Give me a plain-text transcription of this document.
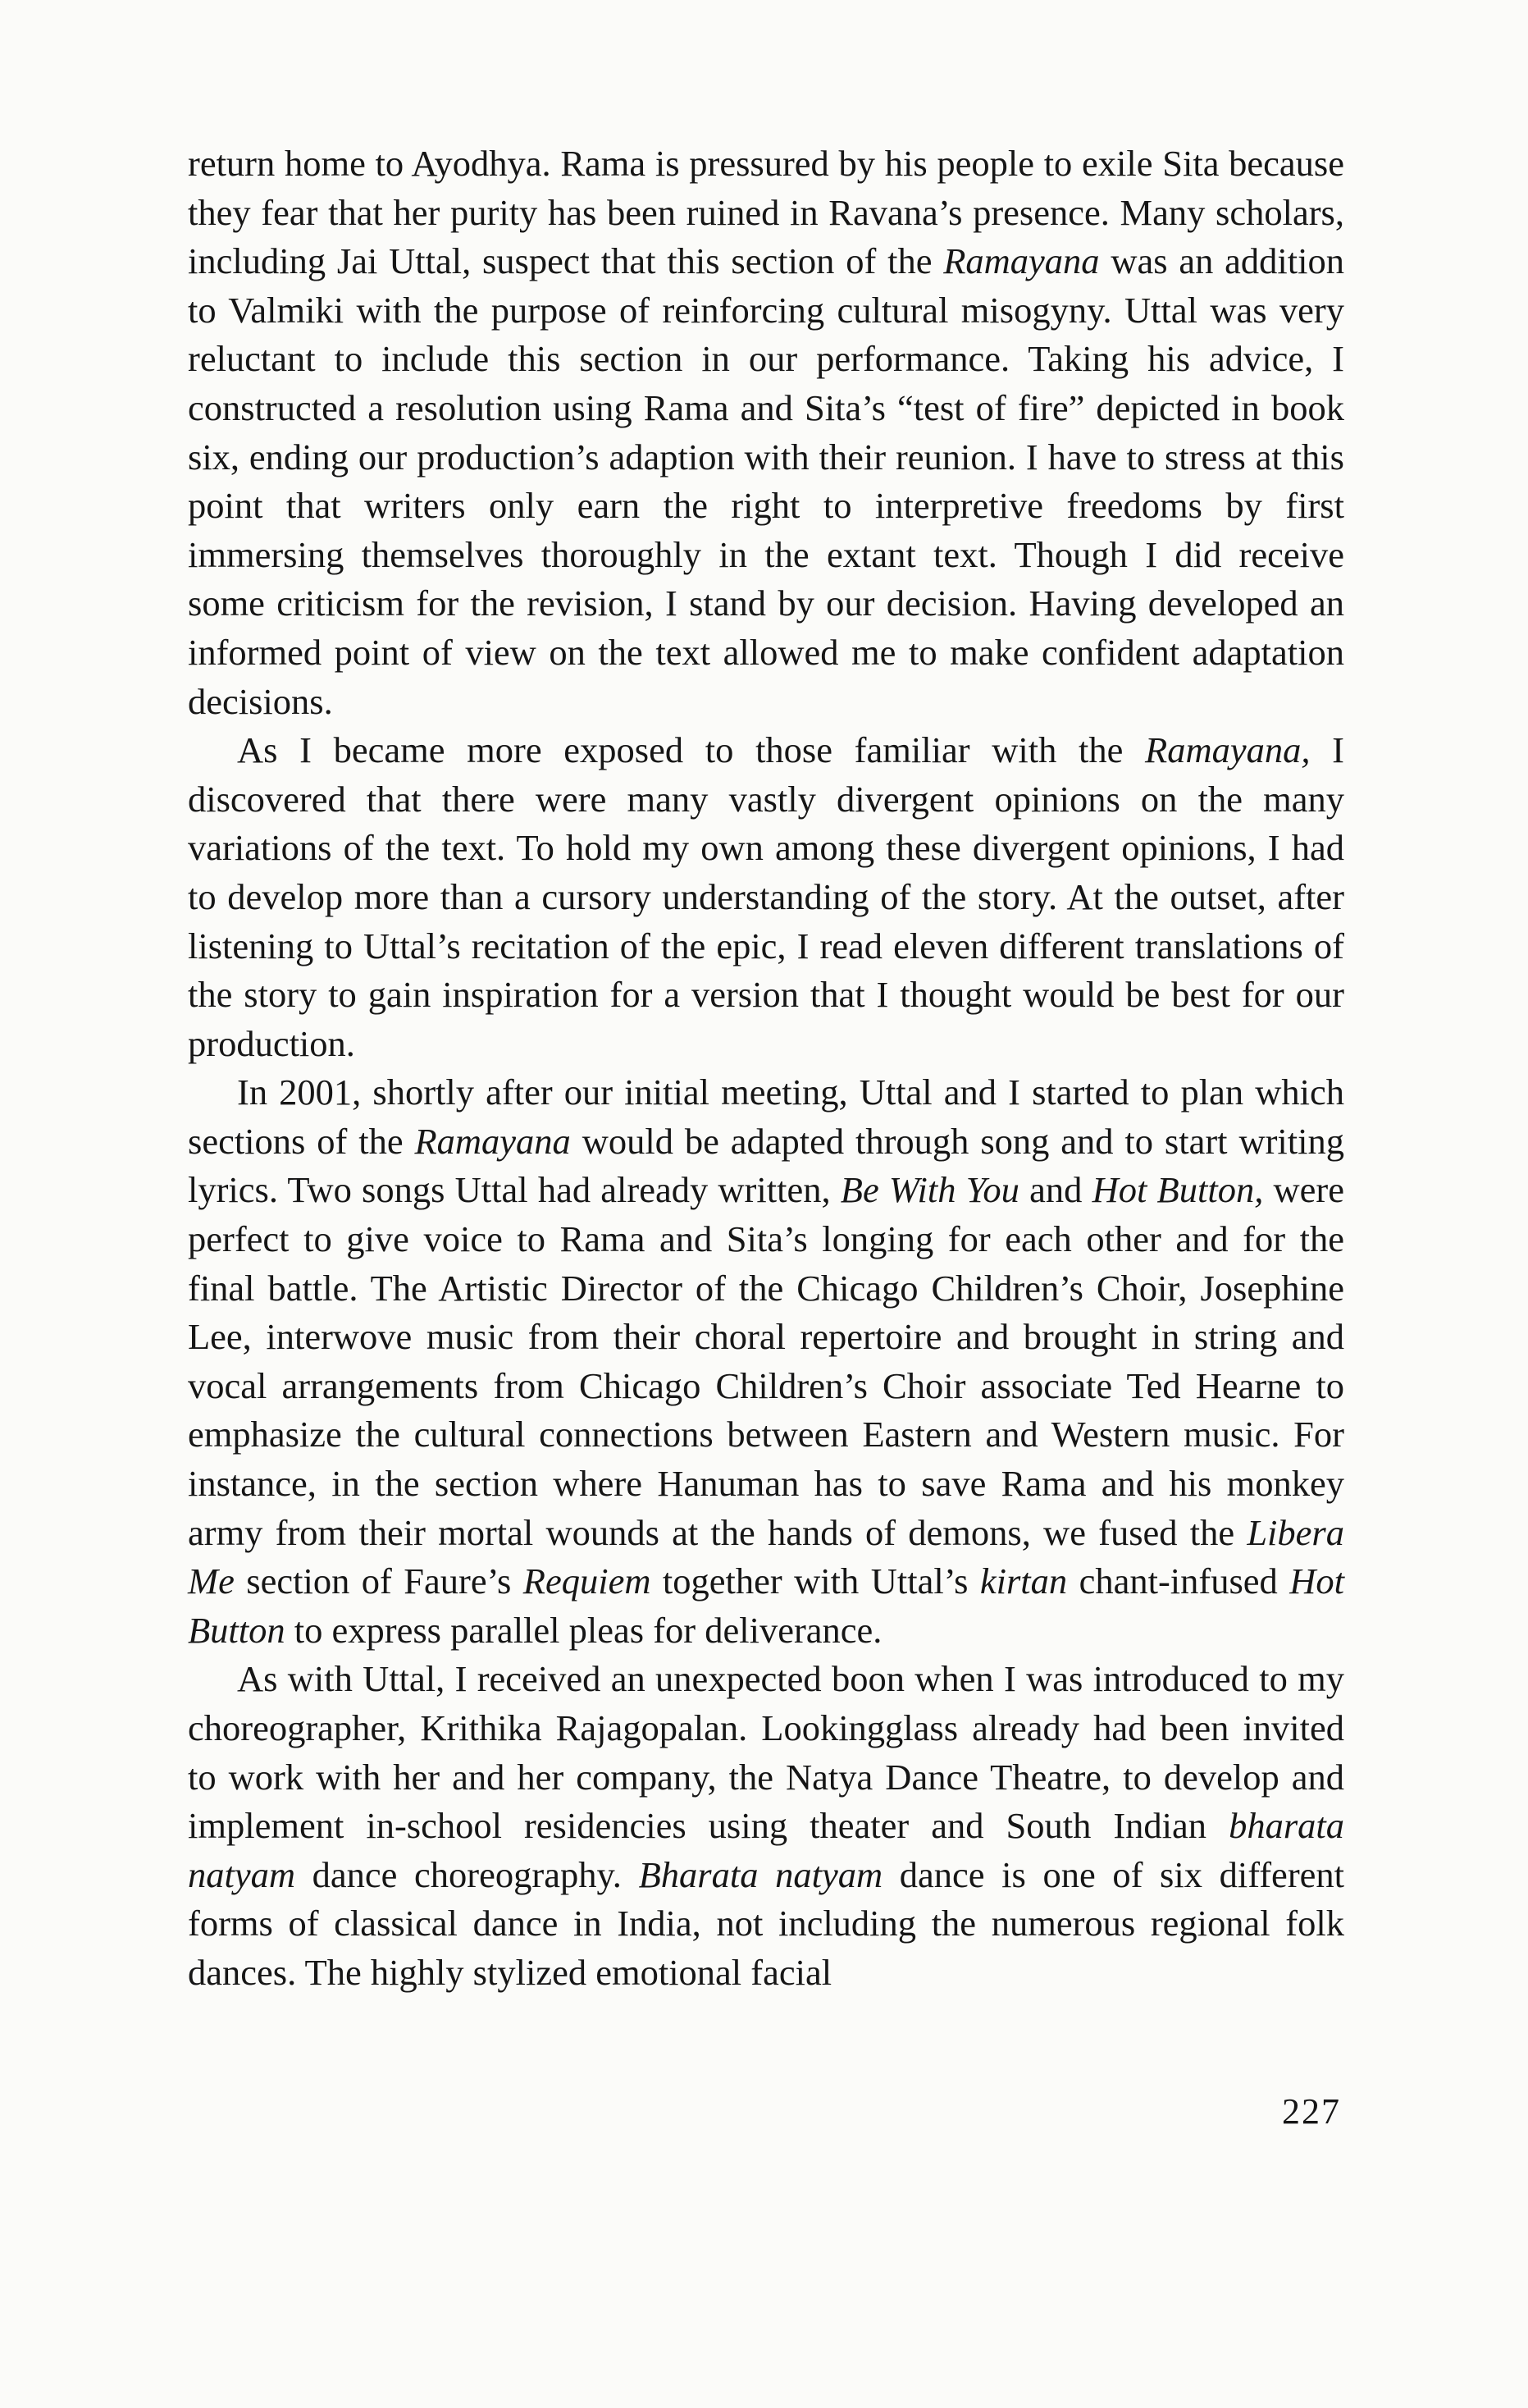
return home to Ayodhya. Rama is pressured by his people to exile Sita because they fear that her purity has been ruined in Ravana’s presence. Many scholars, including Jai Uttal, suspect that this section of the Ramayana was an addition to Valmiki with the purpose of reinforcing cultural misogyny. Uttal was very reluctant to include this section in our performance. Taking his advice, I constructed a resolution using Rama and Sita’s “test of fire” depicted in book six, ending our production’s adaption with their reunion. I have to stress at this point that writers only earn the right to interpretive freedoms by first immersing themselves thoroughly in the extant text. Though I did receive some criticism for the revision, I stand by our decision. Having developed an informed point of view on the text allowed me to make confident adaptation decisions.

As I became more exposed to those familiar with the Ramayana, I discovered that there were many vastly divergent opinions on the many variations of the text. To hold my own among these divergent opinions, I had to develop more than a cursory understanding of the story. At the outset, after listening to Uttal’s recitation of the epic, I read eleven different translations of the story to gain inspiration for a version that I thought would be best for our production.

In 2001, shortly after our initial meeting, Uttal and I started to plan which sections of the Ramayana would be adapted through song and to start writing lyrics. Two songs Uttal had already written, Be With You and Hot Button, were perfect to give voice to Rama and Sita’s longing for each other and for the final battle. The Artistic Director of the Chicago Children’s Choir, Josephine Lee, interwove music from their choral repertoire and brought in string and vocal arrangements from Chicago Children’s Choir associate Ted Hearne to emphasize the cultural connections between Eastern and Western music. For instance, in the section where Hanuman has to save Rama and his monkey army from their mortal wounds at the hands of demons, we fused the Libera Me section of Faure’s Requiem together with Uttal’s kirtan chant-infused Hot Button to express parallel pleas for deliverance.

As with Uttal, I received an unexpected boon when I was introduced to my choreographer, Krithika Rajagopalan. Lookingglass already had been invited to work with her and her company, the Natya Dance Theatre, to develop and implement in-school residencies using theater and South Indian bharata natyam dance choreography. Bharata natyam dance is one of six different forms of classical dance in India, not including the numerous regional folk dances. The highly stylized emotional facial

227
